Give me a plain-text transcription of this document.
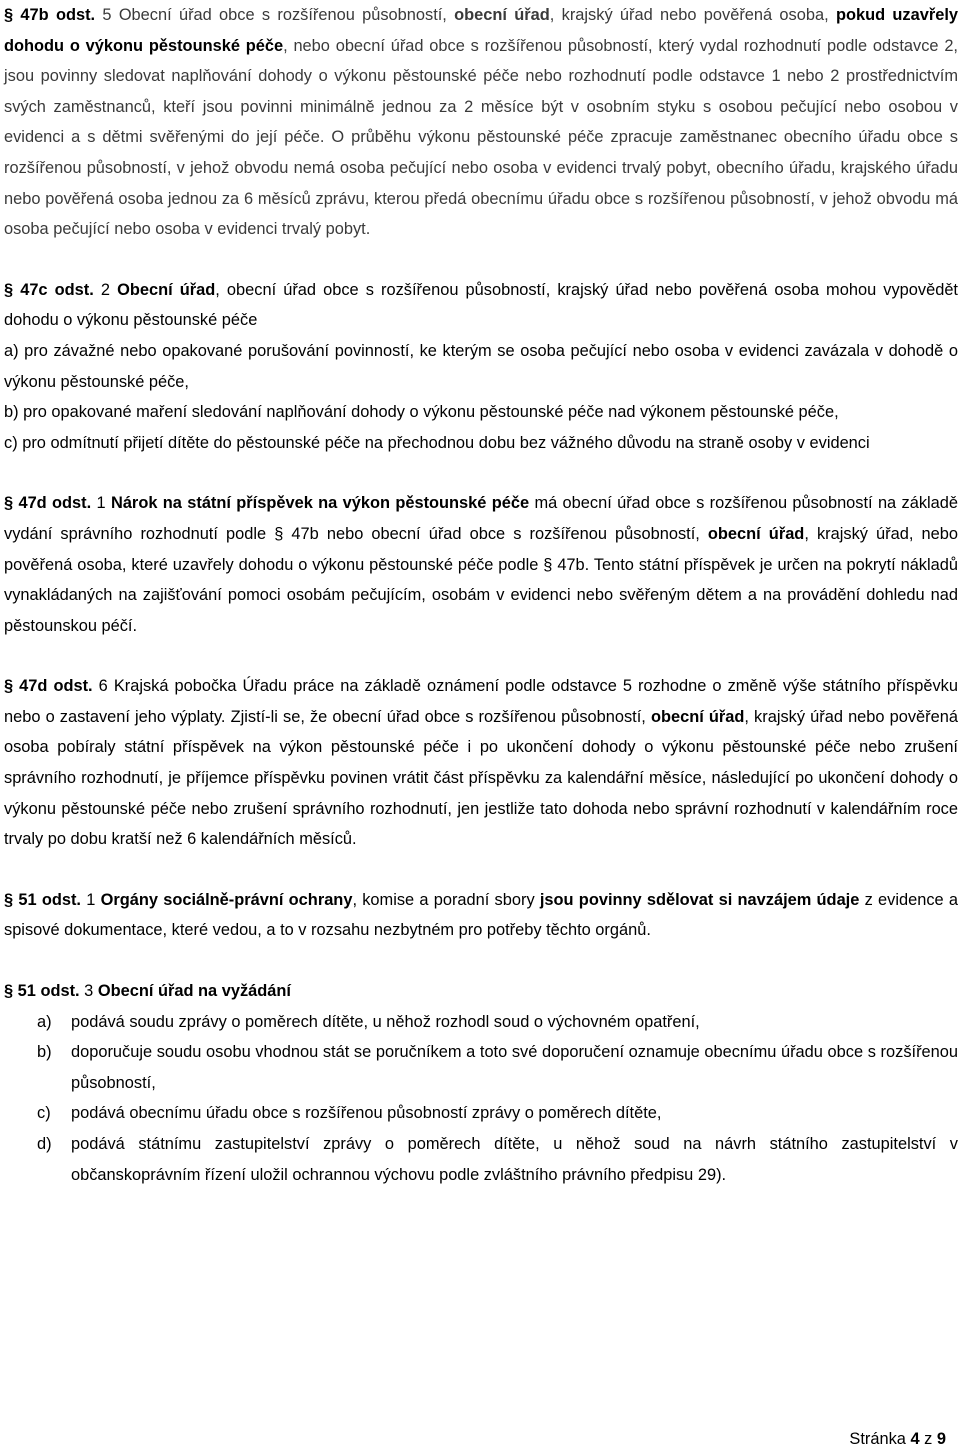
§ 47b odst. 5 Obecní úřad obce s rozšířenou působností, obecní úřad, krajský úřad nebo pověřená osoba, pokud uzavřely dohodu o výkonu pěstounské péče, nebo obecní úřad obce s rozšířenou působností, který vydal rozhodnutí podle odstavce 2, jsou povinny sledovat naplňování dohody o výkonu pěstounské péče nebo rozhodnutí podle odstavce 1 nebo 2 prostřednictvím svých zaměstnanců, kteří jsou povinni minimálně jednou za 2 měsíce být v osobním styku s osobou pečující nebo osobou v evidenci a s dětmi svěřenými do její péče. O průběhu výkonu pěstounské péče zpracuje zaměstnanec obecního úřadu obce s rozšířenou působností, v jehož obvodu nemá osoba pečující nebo osoba v evidenci trvalý pobyt, obecního úřadu, krajského úřadu nebo pověřená osoba jednou za 6 měsíců zprávu, kterou předá obecnímu úřadu obce s rozšířenou působností, v jehož obvodu má osoba pečující nebo osoba v evidenci trvalý pobyt.

§ 47c odst. 2 Obecní úřad, obecní úřad obce s rozšířenou působností, krajský úřad nebo pověřená osoba mohou vypovědět dohodu o výkonu pěstounské péče

a) pro závažné nebo opakované porušování povinností, ke kterým se osoba pečující nebo osoba v evidenci zavázala v dohodě o výkonu pěstounské péče,

b) pro opakované maření sledování naplňování dohody o výkonu pěstounské péče nad výkonem pěstounské péče,

c) pro odmítnutí přijetí dítěte do pěstounské péče na přechodnou dobu bez vážného důvodu na straně osoby v evidenci

§ 47d odst. 1 Nárok na státní příspěvek na výkon pěstounské péče má obecní úřad obce s rozšířenou působností na základě vydání správního rozhodnutí podle § 47b nebo obecní úřad obce s rozšířenou působností, obecní úřad, krajský úřad, nebo pověřená osoba, které uzavřely dohodu o výkonu pěstounské péče podle § 47b. Tento státní příspěvek je určen na pokrytí nákladů vynakládaných na zajišťování pomoci osobám pečujícím, osobám v evidenci nebo svěřeným dětem a na provádění dohledu nad pěstounskou péčí.

§ 47d odst. 6 Krajská pobočka Úřadu práce na základě oznámení podle odstavce 5 rozhodne o změně výše státního příspěvku nebo o zastavení jeho výplaty. Zjistí-li se, že obecní úřad obce s rozšířenou působností, obecní úřad, krajský úřad nebo pověřená osoba pobíraly státní příspěvek na výkon pěstounské péče i po ukončení dohody o výkonu pěstounské péče nebo zrušení správního rozhodnutí, je příjemce příspěvku povinen vrátit část příspěvku za kalendářní měsíce, následující po ukončení dohody o výkonu pěstounské péče nebo zrušení správního rozhodnutí, jen jestliže tato dohoda nebo správní rozhodnutí v kalendářním roce trvaly po dobu kratší než 6 kalendářních měsíců.

§ 51 odst. 1 Orgány sociálně-právní ochrany, komise a poradní sbory jsou povinny sdělovat si navzájem údaje z evidence a spisové dokumentace, které vedou, a to v rozsahu nezbytném pro potřeby těchto orgánů.

§ 51 odst. 3 Obecní úřad na vyžádání

a) podává soudu zprávy o poměrech dítěte, u něhož rozhodl soud o výchovném opatření,
b) doporučuje soudu osobu vhodnou stát se poručníkem a toto své doporučení oznamuje obecnímu úřadu obce s rozšířenou působností,
c) podává obecnímu úřadu obce s rozšířenou působností zprávy o poměrech dítěte,
d) podává státnímu zastupitelství zprávy o poměrech dítěte, u něhož soud na návrh státního zastupitelství v občanskoprávním řízení uložil ochrannou výchovu podle zvláštního právního předpisu 29).
Stránka 4 z 9
